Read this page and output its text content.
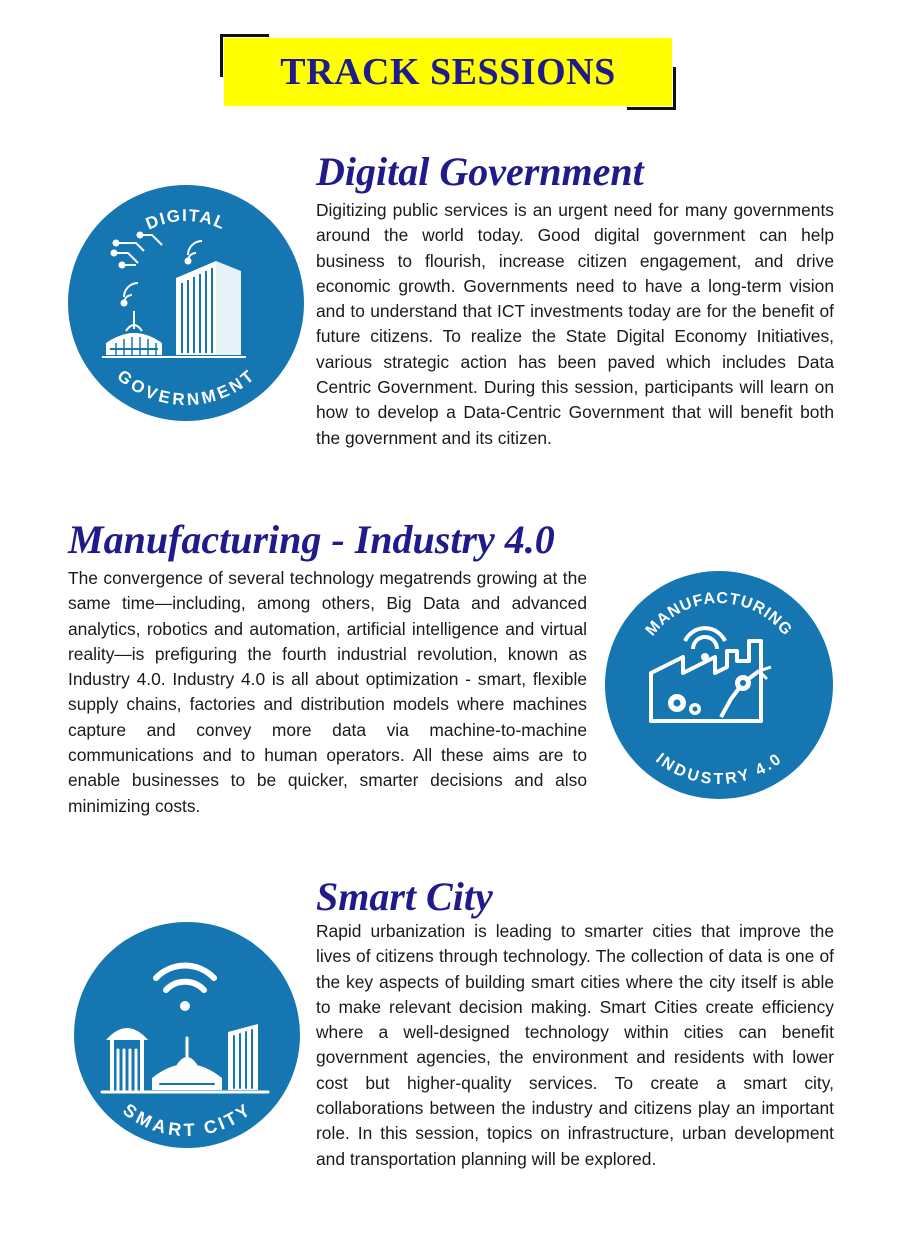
TRACK SESSIONS
Digital Government

Digitizing public services is an urgent need for many governments around the world today. Good digital government can help business to flourish, increase citizen engagement, and drive economic growth. Governments need to have a long-term vision and to understand that ICT investments today are for the benefit of future citizens. To realize the State Digital Economy Initiatives, various strategic action has been paved which includes Data Centric Government. During this session, participants will learn on how to develop a Data-Centric Government that will benefit both the government and its citizen.

DIGITAL
GOVERNMENT
Manufacturing - Industry 4.0

The convergence of several technology megatrends growing at the same time—including, among others, Big Data and advanced analytics, robotics and automation, artificial intelligence and virtual reality—is prefiguring the fourth industrial revolution, known as Industry 4.0. Industry 4.0 is all about optimization - smart, flexible supply chains, factories and distribution models where machines capture and convey more data via machine-to-machine communications and to human operators. All these aims are to enable businesses to be quicker, smarter decisions and also minimizing costs.

MANUFACTURING
INDUSTRY 4.0
Smart City

Rapid urbanization is leading to smarter cities that improve the lives of citizens through technology. The collection of data is one of the key aspects of building smart cities where the city itself is able to make relevant decision making. Smart Cities create efficiency where a well-designed technology within cities can benefit government agencies, the environment and residents with lower cost but higher-quality services. To create a smart city, collaborations between the industry and citizens play an important role. In this session, topics on infrastructure, urban development and transportation planning will be explored.

SMART CITY
